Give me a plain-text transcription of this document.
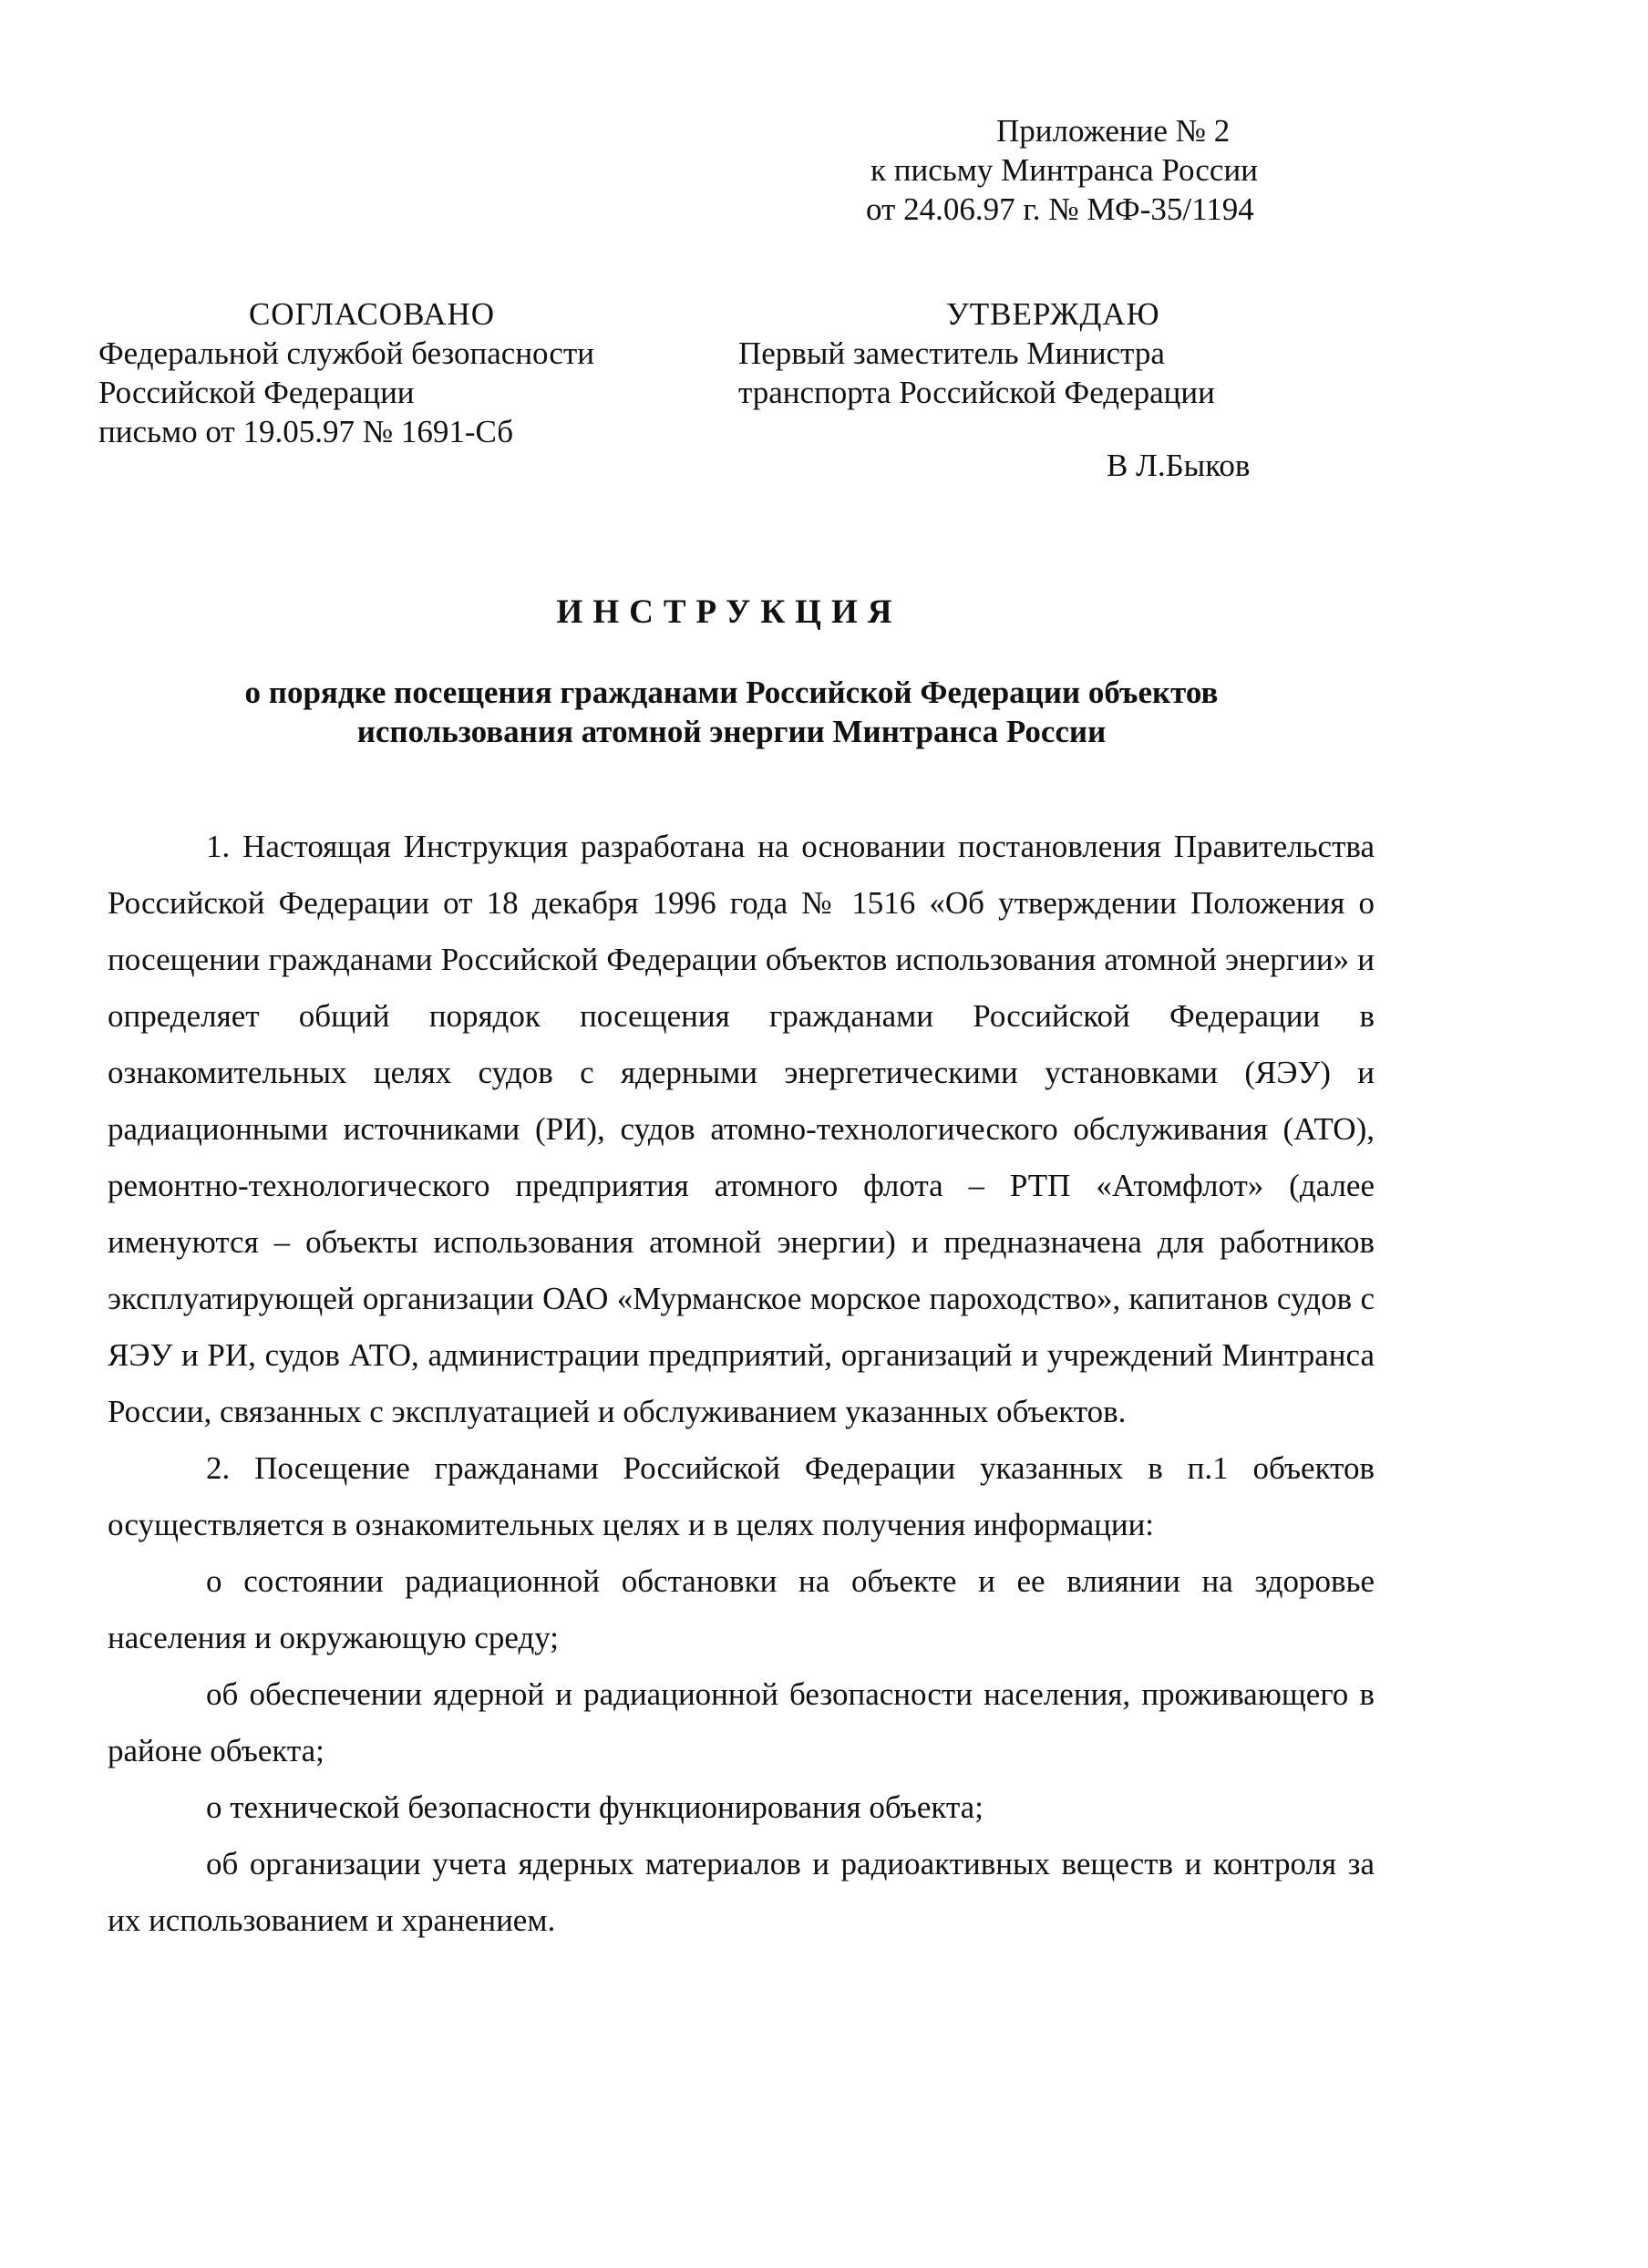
Приложение № 2
к письму Минтранса России
от 24.06.97 г. № МФ-35/1194
СОГЛАСОВАНО
Федеральной службой безопасности
Российской Федерации
письмо от 19.05.97 № 1691-Сб
УТВЕРЖДАЮ
Первый заместитель Министра
транспорта Российской Федерации
В Л.Быков
ИНСТРУКЦИЯ
о порядке посещения гражданами Российской Федерации объектов
использования атомной энергии Минтранса России

1. Настоящая Инструкция разработана на основании постановления Правительства Российской Федерации от 18 декабря 1996 года № 1516 «Об утверждении Положения о посещении гражданами Российской Федерации объектов использования атомной энергии» и определяет общий порядок посещения гражданами Российской Федерации в ознакомительных целях судов с ядерными энергетическими установками (ЯЭУ) и радиационными источниками (РИ), судов атомно-технологического обслуживания (АТО), ремонтно-технологического предприятия атомного флота – РТП «Атомфлот» (далее именуются – объекты использования атомной энергии) и предназначена для работников эксплуатирующей организации ОАО «Мурманское морское пароходство», капитанов судов с ЯЭУ и РИ, судов АТО, администрации предприятий, организаций и учреждений Минтранса России, связанных с эксплуатацией и обслуживанием указанных объектов.

2. Посещение гражданами Российской Федерации указанных в п.1 объектов осуществляется в ознакомительных целях и в целях получения информации:

о состоянии радиационной обстановки на объекте и ее влиянии на здоровье населения и окружающую среду;

об обеспечении ядерной и радиационной безопасности населения, проживающего в районе объекта;

о технической безопасности функционирования объекта;

об организации учета ядерных материалов и радиоактивных веществ и контроля за их использованием и хранением.
